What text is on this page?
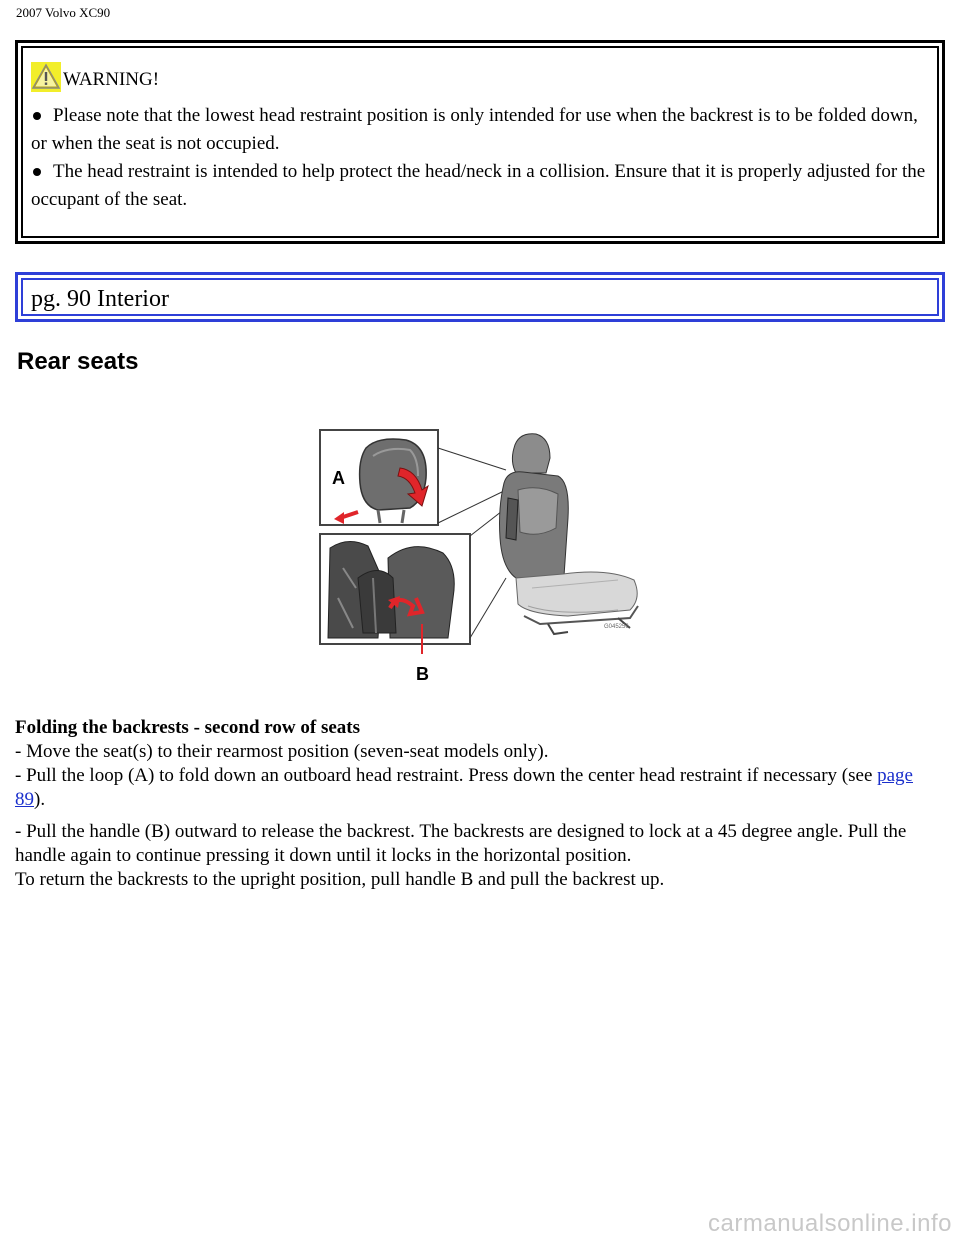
2007 Volvo XC90
WARNING!

Please note that the lowest head restraint position is only intended for use when the backrest is to be folded down, or when the seat is not occupied.

The head restraint is intended to help protect the head/neck in a collision. Ensure that it is properly adjusted for the occupant of the seat.

pg. 90 Interior
Rear seats
G045256
A
B

Folding the backrests - second row of seats

- Move the seat(s) to their rearmost position (seven-seat models only).

- Pull the loop (A) to fold down an outboard head restraint. Press down the center head restraint if necessary (see page 89).

- Pull the handle (B) outward to release the backrest. The backrests are designed to lock at a 45 degree angle. Pull the handle again to continue pressing it down until it locks in the horizontal position.

To return the backrests to the upright position, pull handle B and pull the backrest up.

carmanualsonline.info
